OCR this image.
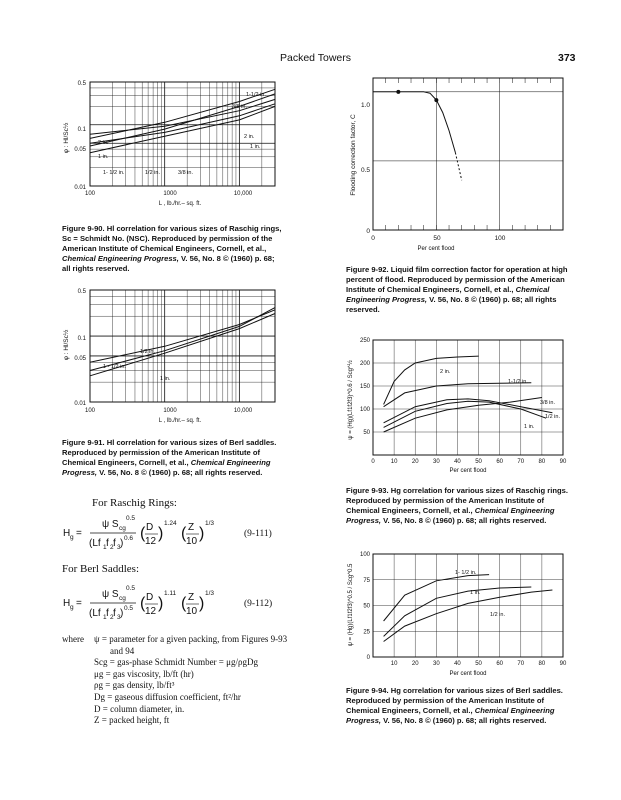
Packed Towers	373
0.5
0.1
0.05
0.01
100	1000	10,000
L , lb./hr.– sq. ft.
φ : Hl/Sc½
1-1/2 in.
3/8 in.
2 in.
1 in.
2 in.
1 in.
1- 1/2 in.	1/2 in.	3/8 in.
Figure 9-90. Hl correlation for various sizes of Raschig rings, Sc = Schmidt No. (NSC). Reproduced by permission of the American Institute of Chemical Engineers, Cornell, et al., Chemical Engineering Progress, V. 56, No. 8 © (1960) p. 68; all rights reserved.
0.5
0.1
0.05
0.01
100	1000	10,000
L , lb./hr.– sq. ft.
φ : Hl/Sc½	1/2 in.
1 - 1/2 in.
1 in.
Figure 9-91. Hl correlation for various sizes of Berl saddles. Reproduced by permission of the American Institute of Chemical Engineers, Cornell, et al., Chemical Engineering Progress, V. 56, No. 8 © (1960) p. 68; all rights reserved.
0
0.5
1.0
0	50	100
Per cent flood
Flooding correction factor, C
Figure 9-92. Liquid film correction factor for operation at high percent of flood. Reproduced by permission of the American Institute of Chemical Engineers, Cornell, et al., Chemical Engineering Progress, V. 56, No. 8 © (1960) p. 68; all rights reserved.
0	10 20 30 40 50 60 70 80 90
50
100
150
200
250
Per cent flood
ψ = (Hg)(Lf1f2f3)^0.6 / Scg^½	2 in.
1-1/2 in.
3/8 in.
1/2 in.
1 in.
Figure 9-93. Hg correlation for various sizes of Raschig rings. Reproduced by permission of the American Institute of Chemical Engineers, Cornell, et al., Chemical Engineering Progress, V. 56, No. 8 © (1960) p. 68; all rights reserved.
10 20 30 40 50 60 70 80 90
0
25
50
75
100
Per cent flood
ψ = (Hg)(Lf1f2f3)^0.5 / Scg^0.5	1- 1/2 in.
1 in.
1/2 in.
Figure 9-94. Hg correlation for various sizes of Berl saddles. Reproduced by permission of the American Institute of Chemical Engineers, Cornell, et al., Chemical Engineering Progress, V. 56, No. 8 © (1960) p. 68; all rights reserved.
For Raschig Rings:
H g =
ψ S cg
0.5
(Lf 1 f 2 f 3 ) 0.6 ( D
12 )
1.24
( Z
10 )
1/3
(9-111)
For Berl Saddles:
H g =
ψ S cg
0.5
(Lf 1 f 2 f 3 ) 0.5 ( D
12 )
1.11
( Z
10 )
1/3
(9-112)
where ψ = parameter for a given packing, from Figures 9-93
and 94
Scg = gas-phase Schmidt Number = μg/ρgDg
μg = gas viscosity, lb/ft (hr)
ρg = gas density, lb/ft³
Dg = gaseous diffusion coefficient, ft²/hr
D = column diameter, in.
Z = packed height, ft
